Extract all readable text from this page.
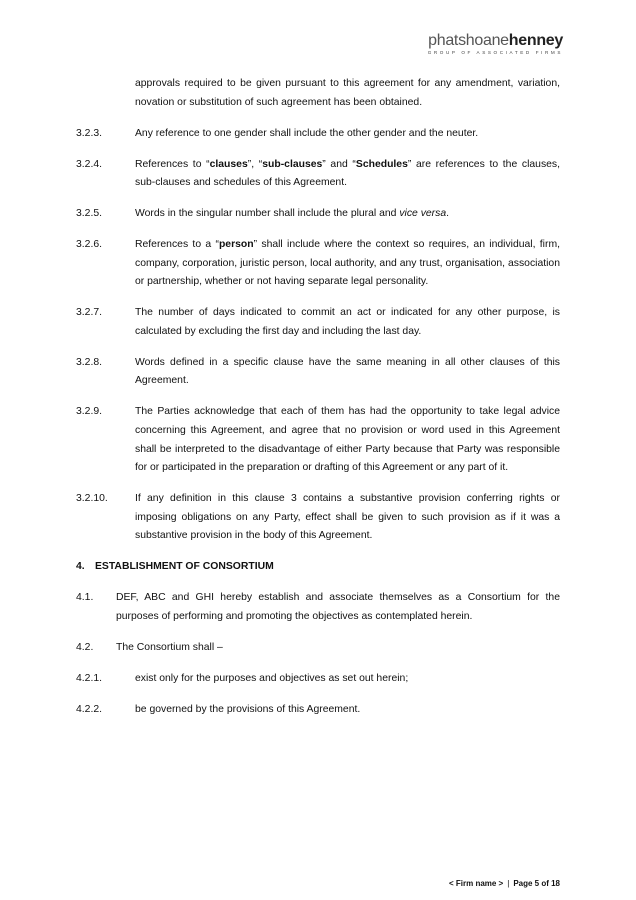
phatshoanehenney
GROUP OF ASSOCIATED FIRMS
approvals required to be given pursuant to this agreement for any amendment, variation, novation or substitution of such agreement has been obtained.
3.2.3.	Any reference to one gender shall include the other gender and the neuter.
3.2.4.	References to “clauses”, “sub-clauses” and “Schedules” are references to the clauses, sub-clauses and schedules of this Agreement.
3.2.5.	Words in the singular number shall include the plural and vice versa.
3.2.6.	References to a “person” shall include where the context so requires, an individual, firm, company, corporation, juristic person, local authority, and any trust, organisation, association or partnership, whether or not having separate legal personality.
3.2.7.	The number of days indicated to commit an act or indicated for any other purpose, is calculated by excluding the first day and including the last day.
3.2.8.	Words defined in a specific clause have the same meaning in all other clauses of this Agreement.
3.2.9.	The Parties acknowledge that each of them has had the opportunity to take legal advice concerning this Agreement, and agree that no provision or word used in this Agreement shall be interpreted to the disadvantage of either Party because that Party was responsible for or participated in the preparation or drafting of this Agreement or any part of it.
3.2.10.	If any definition in this clause 3 contains a substantive provision conferring rights or imposing obligations on any Party, effect shall be given to such provision as if it was a substantive provision in the body of this Agreement.
4. ESTABLISHMENT OF CONSORTIUM
4.1. DEF, ABC and GHI hereby establish and associate themselves as a Consortium for the purposes of performing and promoting the objectives as contemplated herein.
4.2. The Consortium shall –
4.2.1.	exist only for the purposes and objectives as set out herein;
4.2.2.	be governed by the provisions of this Agreement.
< Firm name > | Page 5 of 18
